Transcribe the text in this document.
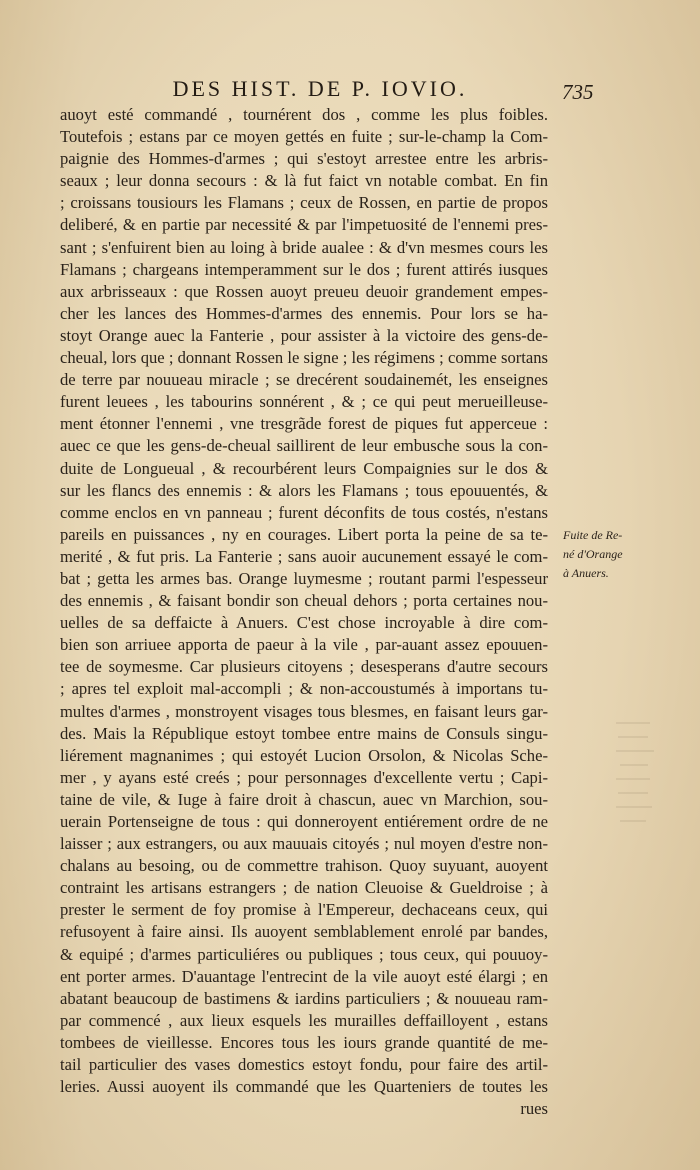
DES HIST. DE P. IOVIO.	735
auoyt esté commandé , tournérent dos , comme les plus foibles.
Toutefois ; estans par ce moyen gettés en fuite ; sur-le-champ la Com-
paignie des Hommes-d'armes ; qui s'estoyt arrestee entre les arbris-
seaux ; leur donna secours : & là fut faict vn notable combat. En fin
; croissans tousiours les Flamans ; ceux de Rossen, en partie de propos
deliberé, & en partie par necessité & par l'impetuosité de l'ennemi pres-
sant ; s'enfuirent bien au loing à bride aualee : & d'vn mesmes cours les
Flamans ; chargeans intemperamment sur le dos ; furent attirés iusques
aux arbrisseaux : que Rossen auoyt preueu deuoir grandement empes-
cher les lances des Hommes-d'armes des ennemis. Pour lors se ha-
stoyt Orange auec la Fanterie , pour assister à la victoire des gens-de-
cheual, lors que ; donnant Rossen le signe ; les régimens ; comme sortans
de terre par nouueau miracle ; se drecérent soudainemét, les enseignes
furent leuees , les tabourins sonnérent , & ; ce qui peut merueilleuse-
ment étonner l'ennemi , vne tresgrãde forest de piques fut apperceue :
auec ce que les gens-de-cheual saillirent de leur embusche sous la con-
duite de Longueual , & recourbérent leurs Compaignies sur le dos &
sur les flancs des ennemis : & alors les Flamans ; tous epouuentés, &
comme enclos en vn panneau ; furent déconfits de tous costés, n'estans
pareils en puissances , ny en courages. Libert porta la peine de sa te-
merité , & fut pris. La Fanterie ; sans auoir aucunement essayé le com-
bat ; getta les armes bas. Orange luymesme ; routant parmi l'espesseur
des ennemis , & faisant bondir son cheual dehors ; porta certaines nou-
uelles de sa deffaicte à Anuers. C'est chose incroyable à dire com-
bien son arriuee apporta de paeur à la vile , par-auant assez epouuen-
tee de soymesme. Car plusieurs citoyens ; desesperans d'autre secours
; apres tel exploit mal-accompli ; & non-accoustumés à importans tu-
multes d'armes , monstroyent visages tous blesmes, en faisant leurs gar-
des. Mais la République estoyt tombee entre mains de Consuls singu-
liérement magnanimes ; qui estoyét Lucion Orsolon, & Nicolas Sche-
mer , y ayans esté creés ; pour personnages d'excellente vertu ; Capi-
taine de vile, & Iuge à faire droit à chascun, auec vn Marchion, sou-
uerain Portenseigne de tous : qui donneroyent entiérement ordre de ne
laisser ; aux estrangers, ou aux mauuais citoyés ; nul moyen d'estre non-
chalans au besoing, ou de commettre trahison. Quoy suyuant, auoyent
contraint les artisans estrangers ; de nation Cleuoise & Gueldroise ; à
prester le serment de foy promise à l'Empereur, dechaceans ceux, qui
refusoyent à faire ainsi. Ils auoyent semblablement enrolé par bandes,
& equipé ; d'armes particuliéres ou publiques ; tous ceux, qui pouuoy-
ent porter armes. D'auantage l'entrecint de la vile auoyt esté élargi ; en
abatant beaucoup de bastimens & iardins particuliers ; & nouueau ram-
par commencé , aux lieux esquels les murailles deffailloyent , estans
tombees de vieillesse. Encores tous les iours grande quantité de me-
tail particulier des vases domestics estoyt fondu, pour faire des artil-
leries. Aussi auoyent ils commandé que les Quarteniers de toutes les
rues
Fuite de Re-
né d'Orange
à Anuers.
